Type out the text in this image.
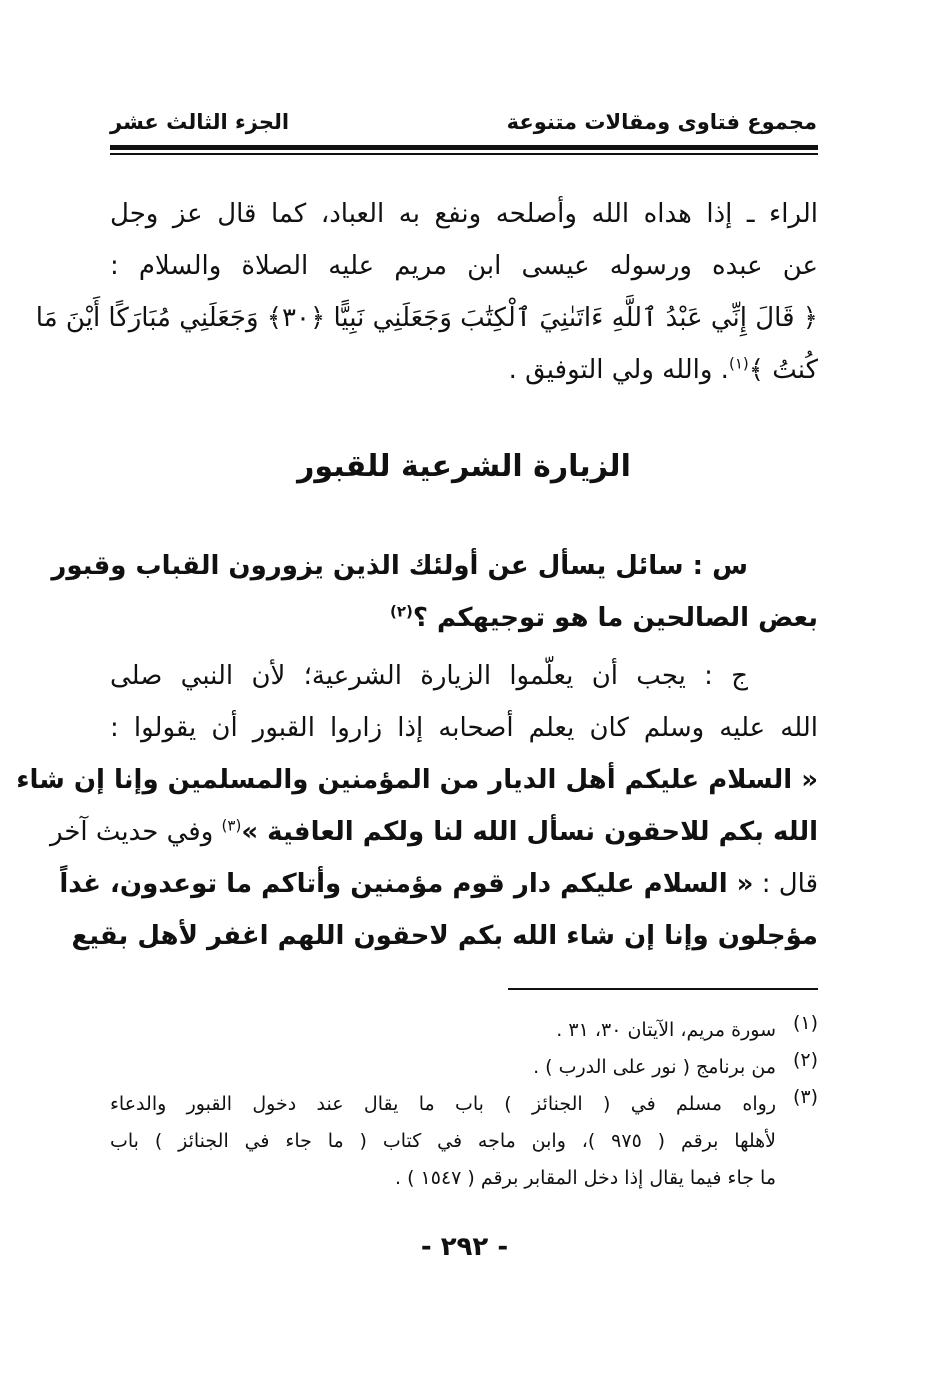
مجموع فتاوى ومقالات متنوعة
الجزء الثالث عشر
الراء ـ إذا هداه الله وأصلحه ونفع به العباد، كما قال عز وجل
عن عبده ورسوله عيسى ابن مريم عليه الصلاة والسلام :
﴿ قَالَ إِنِّي عَبْدُ ٱللَّهِ ءَاتَىٰنِيَ ٱلْكِتَٰبَ وَجَعَلَنِي نَبِيًّا ﴿٣٠﴾ وَجَعَلَنِي مُبَارَكًا أَيْنَ مَا
كُنتُ ﴾$^{(١)}$. والله ولي التوفيق .
الزيارة الشرعية للقبور
س : سائل يسأل عن أولئك الذين يزورون القباب وقبور
بعض الصالحين ما هو توجيهكم ؟$^{(٢)}$
ج : يجب أن يعلّموا الزيارة الشرعية؛ لأن النبي صلى
الله عليه وسلم كان يعلم أصحابه إذا زاروا القبور أن يقولوا :
« السلام عليكم أهل الديار من المؤمنين والمسلمين وإنا إن شاء
الله بكم للاحقون نسأل الله لنا ولكم العافية »$^{(٣)}$ وفي حديث آخر
قال : « السلام عليكم دار قوم مؤمنين وأتاكم ما توعدون، غداً
مؤجلون وإنا إن شاء الله بكم لاحقون اللهم اغفر لأهل بقيع
(١)
سورة مريم، الآيتان ٣٠، ٣١ .
(٢)
من برنامج ( نور على الدرب ) .
(٣)
رواه مسلم في ( الجنائز ) باب ما يقال عند دخول القبور والدعاء
لأهلها برقم ( ٩٧٥ )، وابن ماجه في كتاب ( ما جاء في الجنائز ) باب
ما جاء فيما يقال إذا دخل المقابر برقم ( ١٥٤٧ ) .
- ٢٩٢ -
